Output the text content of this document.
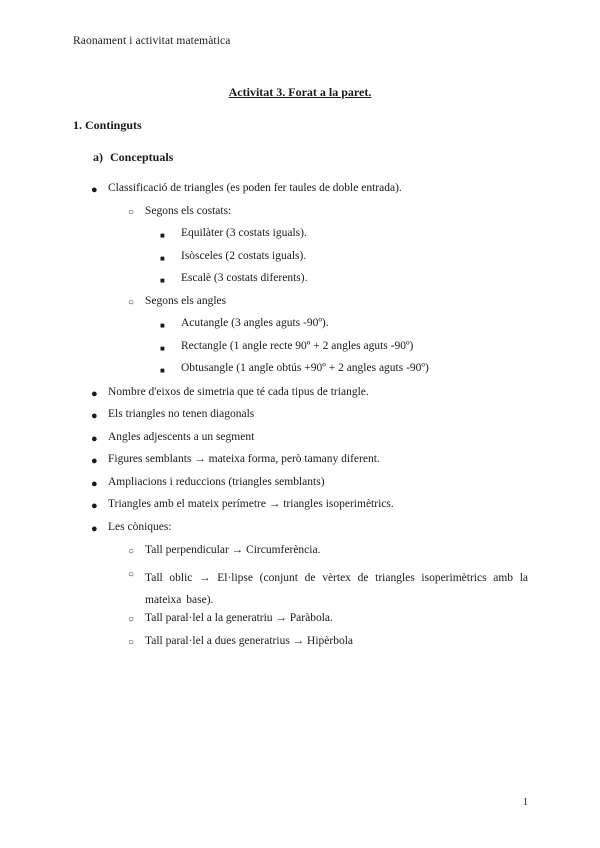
Raonament i activitat matemàtica
Activitat 3. Forat a la paret.
1. Continguts
a) Conceptuals
● Classificació de triangles (es poden fer taules de doble entrada).
○ Segons els costats:
■ Equilàter (3 costats iguals).
■ Isòsceles (2 costats iguals).
■ Escalè (3 costats diferents).
○ Segons els angles
■ Acutangle (3 angles aguts -90º).
■ Rectangle (1 angle recte 90º + 2 angles aguts -90º)
■ Obtusangle (1 angle obtús +90º + 2 angles aguts -90º)
● Nombre d'eixos de simetria que té cada tipus de triangle.
● Els triangles no tenen diagonals
● Angles adjescents a un segment
● Figures semblants → mateixa forma, però tamany diferent.
● Ampliacions i reduccions (triangles semblants)
● Triangles amb el mateix perímetre → triangles isoperimètrics.
● Les còniques:
○ Tall perpendicular → Circumferència.
○ Tall oblic → El·lipse (conjunt de vèrtex de triangles isoperimètrics amb la mateixa base).
○ Tall paral·lel a la generatriu → Paràbola.
○ Tall paral·lel a dues generatrius → Hipèrbola
1
